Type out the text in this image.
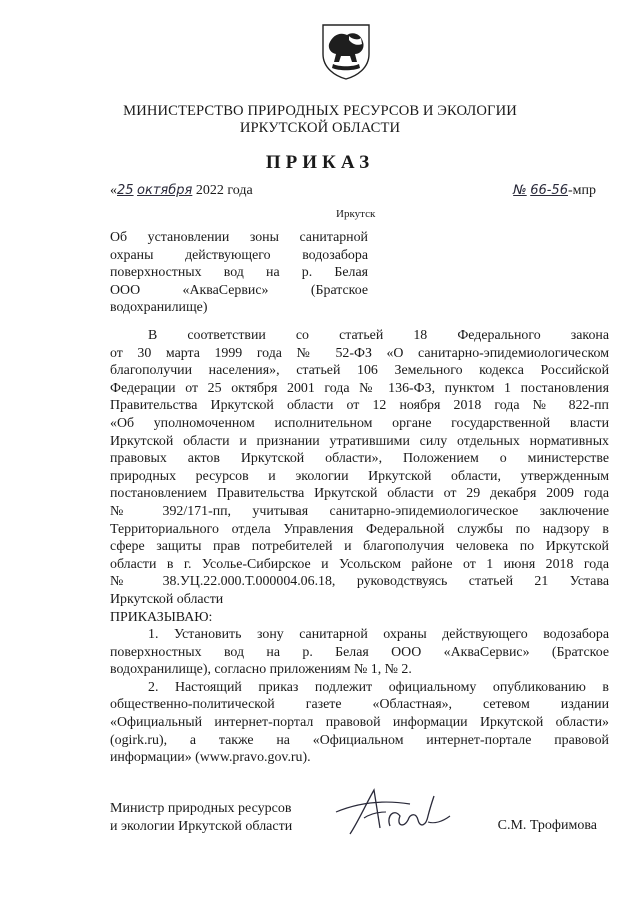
МИНИСТЕРСТВО ПРИРОДНЫХ РЕСУРСОВ И ЭКОЛОГИИ
ИРКУТСКОЙ ОБЛАСТИ
ПРИКАЗ
«25 октября 2022 года	№ 66-56-мпр
Иркутск
Об установлении зоны санитарной
охраны действующего водозабора
поверхностных вод на р. Белая
ООО «АкваСервис» (Братское
водохранилище)
В соответствии со статьей 18 Федерального закона
от 30 марта 1999 года № 52-ФЗ «О санитарно-эпидемиологическом
благополучии населения», статьей 106 Земельного кодекса Российской
Федерации от 25 октября 2001 года № 136-ФЗ, пунктом 1 постановления
Правительства Иркутской области от 12 ноября 2018 года № 822-пп
«Об уполномоченном исполнительном органе государственной власти
Иркутской области и признании утратившими силу отдельных нормативных
правовых актов Иркутской области», Положением о министерстве
природных ресурсов и экологии Иркутской области, утвержденным
постановлением Правительства Иркутской области от 29 декабря 2009 года
№ 392/171-пп, учитывая санитарно-эпидемиологическое заключение
Территориального отдела Управления Федеральной службы по надзору в
сфере защиты прав потребителей и благополучия человека по Иркутской
области в г. Усолье-Сибирское и Усольском районе от 1 июня 2018 года
№ 38.УЦ.22.000.Т.000004.06.18, руководствуясь статьей 21 Устава
Иркутской области
ПРИКАЗЫВАЮ:
1. Установить зону санитарной охраны действующего водозабора
поверхностных вод на р. Белая ООО «АкваСервис» (Братское
водохранилище), согласно приложениям № 1, № 2.
2. Настоящий приказ подлежит официальному опубликованию в
общественно-политической газете «Областная», сетевом издании
«Официальный интернет-портал правовой информации Иркутской области»
(ogirk.ru), а также на «Официальном интернет-портале правовой
информации» (www.pravo.gov.ru).
Министр природных ресурсов
и экологии Иркутской области	С.М. Трофимова
